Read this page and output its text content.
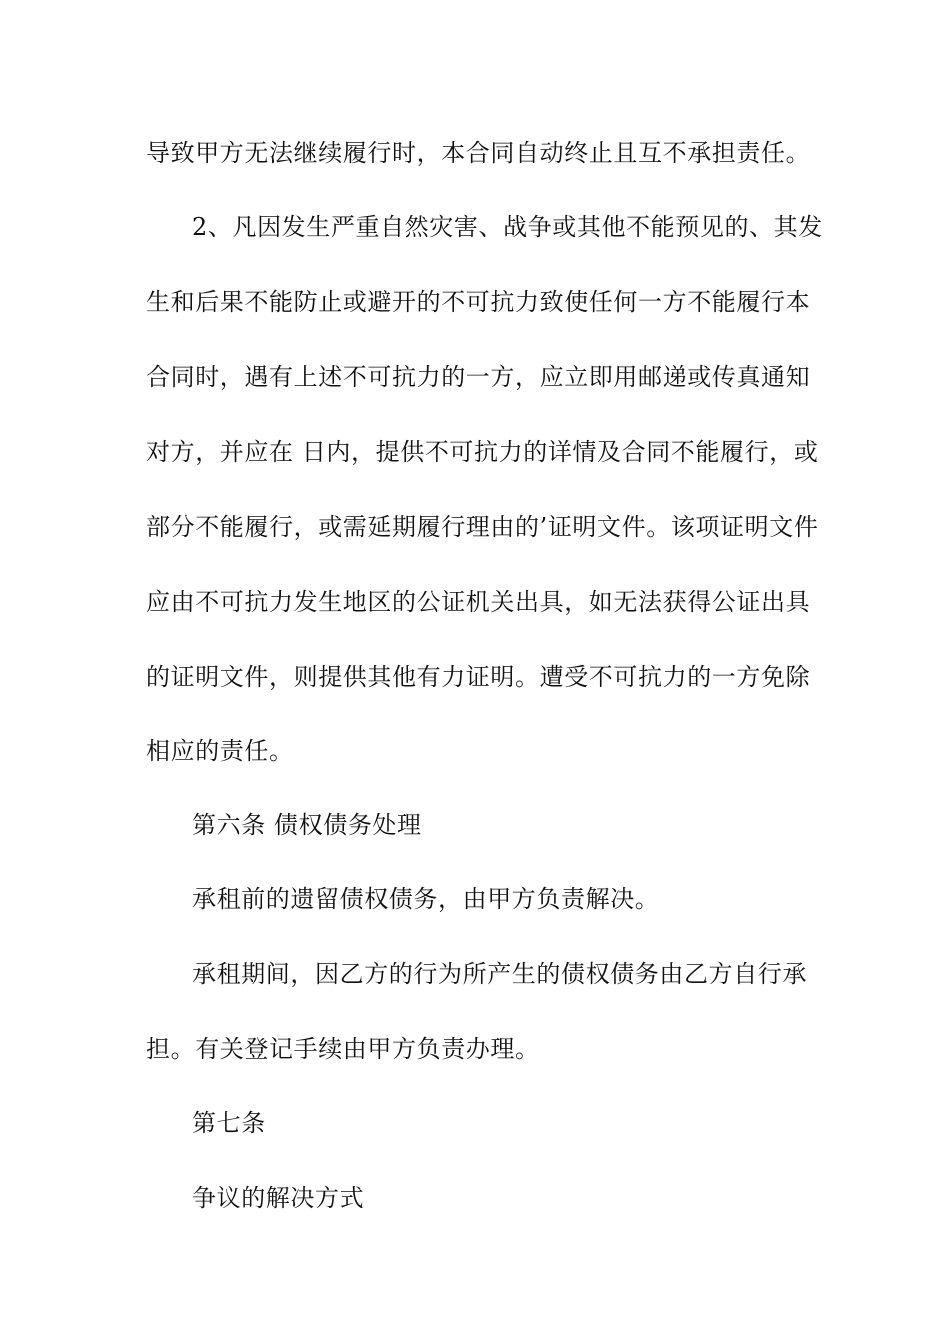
导致甲方无法继续履行时，本合同自动终止且互不承担责任。
2、凡因发生严重自然灾害、战争或其他不能预见的、其发
生和后果不能防止或避开的不可抗力致使任何一方不能履行本
合同时，遇有上述不可抗力的一方，应立即用邮递或传真通知
对方，并应在 日内，提供不可抗力的详情及合同不能履行，或
部分不能履行，或需延期履行理由的’证明文件。该项证明文件
应由不可抗力发生地区的公证机关出具，如无法获得公证出具
的证明文件，则提供其他有力证明。遭受不可抗力的一方免除
相应的责任。
第六条 债权债务处理
承租前的遗留债权债务，由甲方负责解决。
承租期间，因乙方的行为所产生的债权债务由乙方自行承
担。有关登记手续由甲方负责办理。
第七条
争议的解决方式
